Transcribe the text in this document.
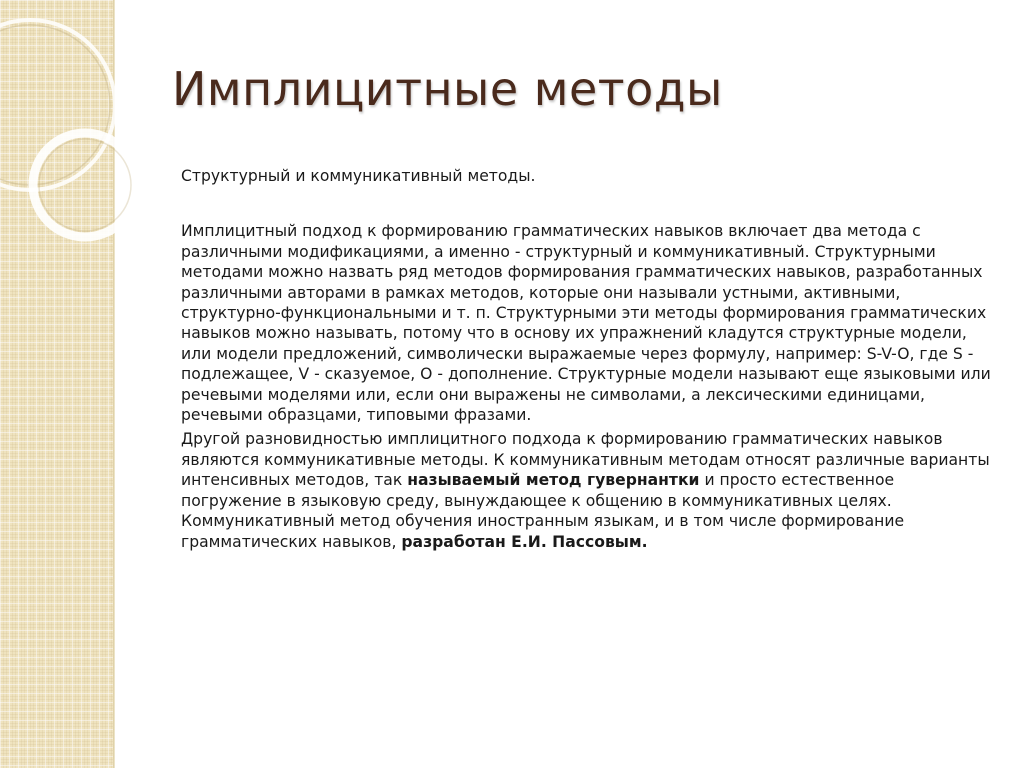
Имплицитные методы

Структурный и коммуникативный методы.

Имплицитный подход к формированию грамматических навыков включает два метода с различными модификациями, а именно - структурный и коммуникативный. Структурными методами можно назвать ряд методов формирования грамматических навыков, разработанных различными авторами в рамках методов, которые они называли устными, активными, структурно-функциональными и т. п. Структурными эти методы формирования грамматических навыков можно называть, потому что в основу их упражнений кладутся структурные модели, или модели предложений, символически выражаемые через формулу, например: S-V-O, где S - подлежащее, V - сказуемое, О - дополнение. Структурные модели называют еще языковыми или речевыми моделями или, если они выражены не символами, а лексическими единицами, речевыми образцами, типовыми фразами.

Другой разновидностью имплицитного подхода к формированию грамматических навыков являются коммуникативные методы. К коммуникативным методам относят различные варианты интенсивных методов, так называемый метод гувернантки и просто естественное погружение в языковую среду, вынуждающее к общению в коммуникативных целях. Коммуникативный метод обучения иностранным языкам, и в том числе формирование грамматических навыков, разработан Е.И. Пассовым.
